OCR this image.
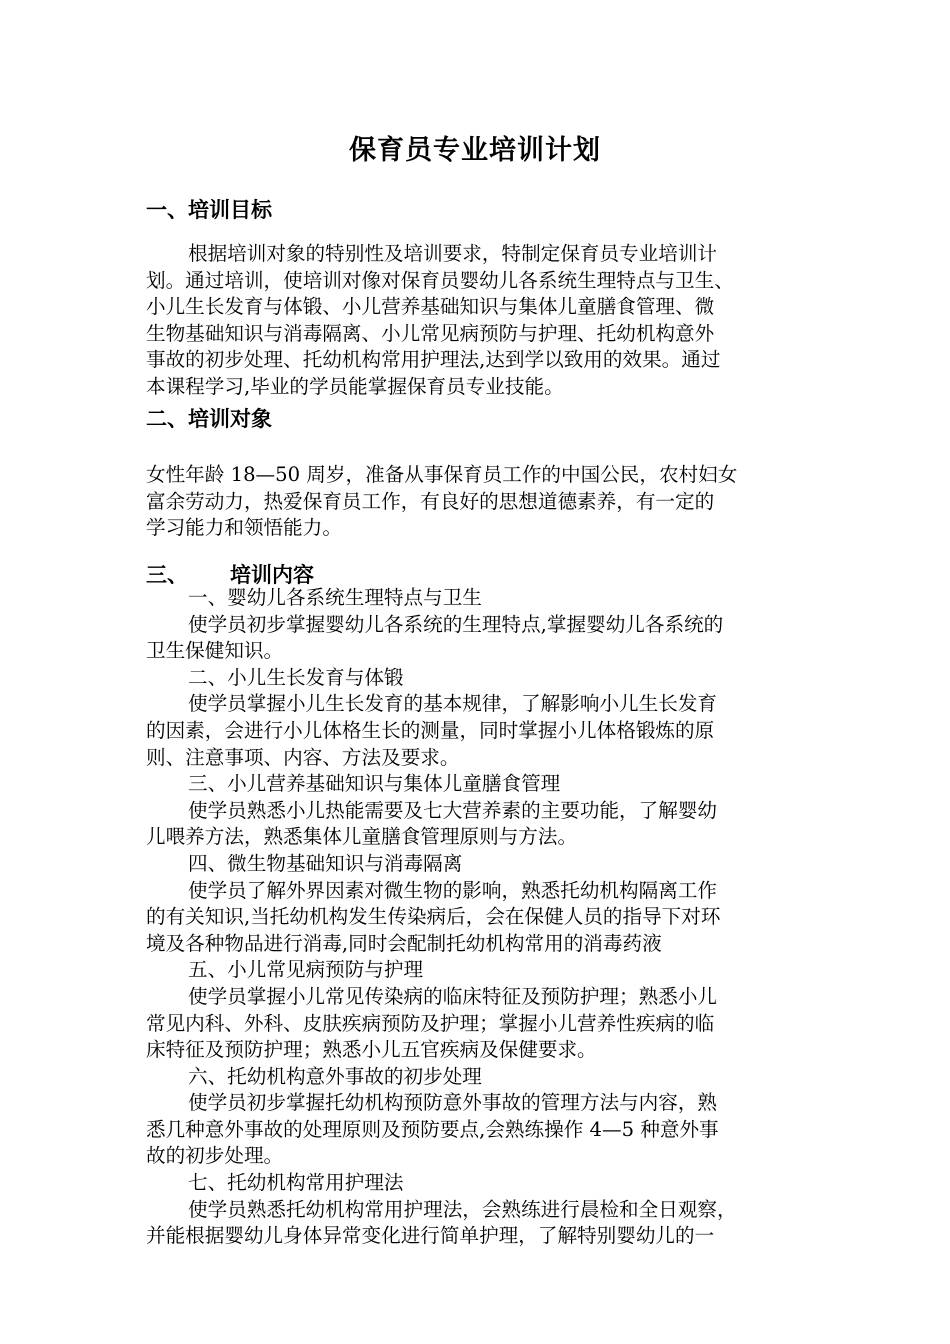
保育员专业培训计划
一、培训目标
根据培训对象的特别性及培训要求，特制定保育员专业培训计
划。通过培训，使培训对像对保育员婴幼儿各系统生理特点与卫生、
小儿生长发育与体锻、小儿营养基础知识与集体儿童膳食管理、微
生物基础知识与消毒隔离、小儿常见病预防与护理、托幼机构意外
事故的初步处理、托幼机构常用护理法,达到学以致用的效果。通过
本课程学习,毕业的学员能掌握保育员专业技能。
二、培训对象
女性年龄 18—50 周岁，准备从事保育员工作的中国公民，农村妇女
富余劳动力，热爱保育员工作，有良好的思想道德素养，有一定的
学习能力和领悟能力。
三、 培训内容
一、婴幼儿各系统生理特点与卫生
使学员初步掌握婴幼儿各系统的生理特点,掌握婴幼儿各系统的
卫生保健知识。
二、小儿生长发育与体锻
使学员掌握小儿生长发育的基本规律，了解影响小儿生长发育
的因素，会进行小儿体格生长的测量，同时掌握小儿体格锻炼的原
则、注意事项、内容、方法及要求。
三、小儿营养基础知识与集体儿童膳食管理
使学员熟悉小儿热能需要及七大营养素的主要功能，了解婴幼
儿喂养方法，熟悉集体儿童膳食管理原则与方法。
四、微生物基础知识与消毒隔离
使学员了解外界因素对微生物的影响，熟悉托幼机构隔离工作
的有关知识,当托幼机构发生传染病后，会在保健人员的指导下对环
境及各种物品进行消毒,同时会配制托幼机构常用的消毒药液
五、小儿常见病预防与护理
使学员掌握小儿常见传染病的临床特征及预防护理；熟悉小儿
常见内科、外科、皮肤疾病预防及护理；掌握小儿营养性疾病的临
床特征及预防护理；熟悉小儿五官疾病及保健要求。
六、托幼机构意外事故的初步处理
使学员初步掌握托幼机构预防意外事故的管理方法与内容，熟
悉几种意外事故的处理原则及预防要点,会熟练操作 4—5 种意外事
故的初步处理。
七、托幼机构常用护理法
使学员熟悉托幼机构常用护理法，会熟练进行晨检和全日观察，
并能根据婴幼儿身体异常变化进行简单护理，了解特别婴幼儿的一
